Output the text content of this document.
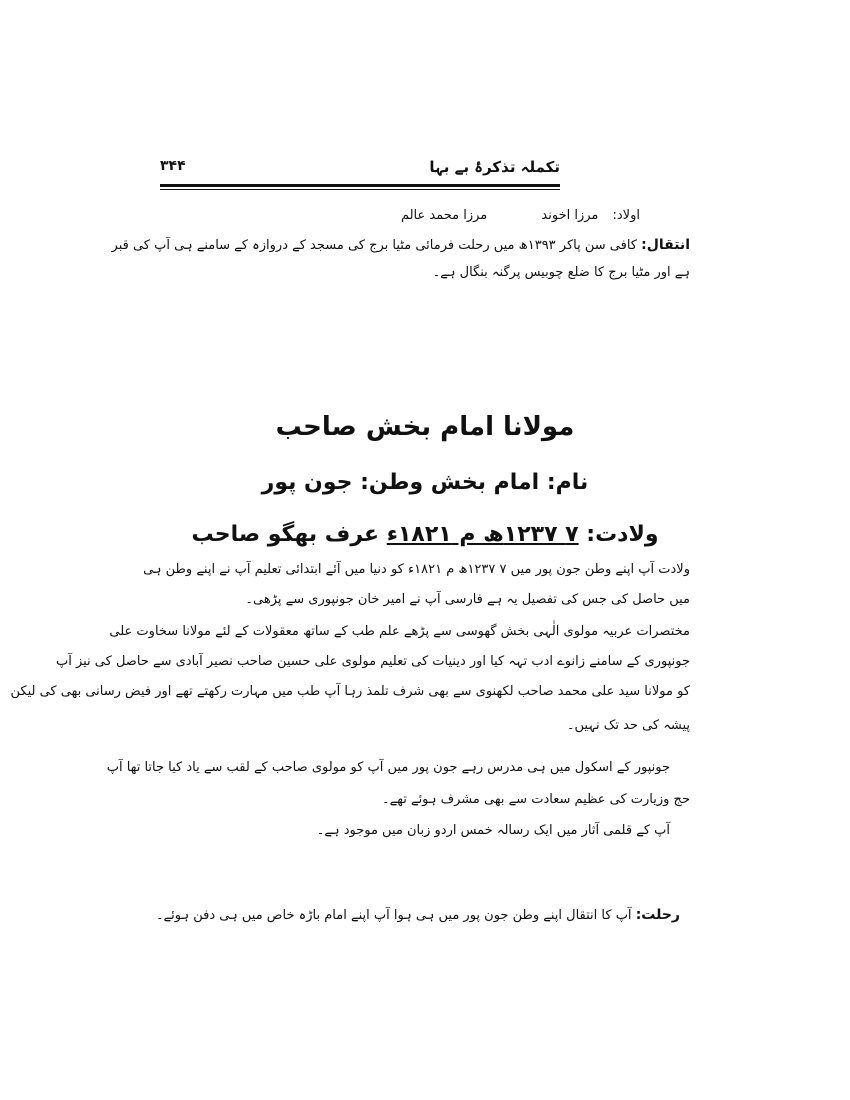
تکملہ تذکرۂ بے بہا
۳۴۴
اولاد: مرزا اخوند مرزا محمد عالم
انتقال: کافی سن پاکر ۱۳۹۳ھ میں رحلت فرمائی مٹیا برج کی مسجد کے دروازہ کے سامنے ہی آپ کی قبر
ہے اور مٹیا برج کا ضلع چوبیس پرگنہ بنگال ہے۔
مولانا امام بخش صاحب
نام: امام بخش وطن: جون پور
ولادت: ۷ ۱۲۳۷ھ م ۱۸۲۱ء عرف بھگو صاحب
ولادت آپ اپنے وطن جون پور میں ۷ ۱۲۳۷ھ م ۱۸۲۱ء کو دنیا میں آئے ابتدائی تعلیم آپ نے اپنے وطن ہی
میں حاصل کی جس کی تفصیل یہ ہے فارسی آپ نے امیر خان جونپوری سے پڑھی۔
مختصرات عربیہ مولوی الٰہی بخش گھوسی سے پڑھے علم طب کے ساتھ معقولات کے لئے مولانا سخاوت علی
جونپوری کے سامنے زانوے ادب تہہ کیا اور دینیات کی تعلیم مولوی علی حسین صاحب نصیر آبادی سے حاصل کی نیز آپ
کو مولانا سید علی محمد صاحب لکھنوی سے بھی شرف تلمذ رہا آپ طب میں مہارت رکھتے تھے اور فیض رسانی بھی کی لیکن
پیشہ کی حد تک نہیں۔
جونپور کے اسکول میں ہی مدرس رہے جون پور میں آپ کو مولوی صاحب کے لقب سے یاد کیا جاتا تھا آپ
حج وزیارت کی عظیم سعادت سے بھی مشرف ہوئے تھے۔
آپ کے قلمی آثار میں ایک رسالہ خمس اردو زبان میں موجود ہے۔
رحلت: آپ کا انتقال اپنے وطن جون پور میں ہی ہوا آپ اپنے امام باڑہ خاص میں ہی دفن ہوئے۔
